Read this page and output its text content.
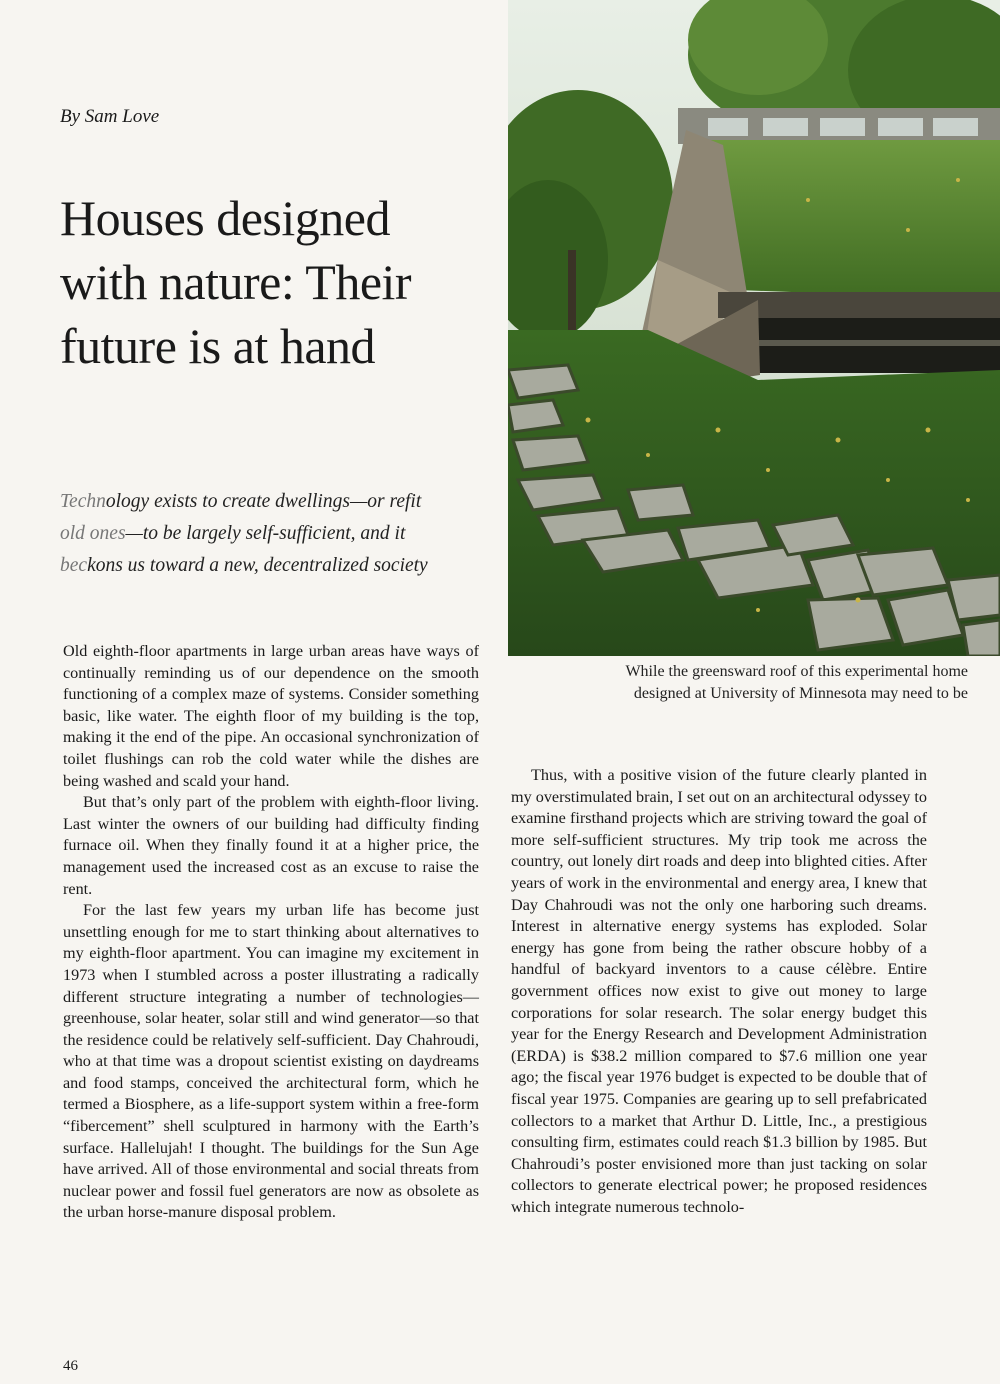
By Sam Love
Houses designed
with nature: Their
future is at hand

Technology exists to create dwellings—or refit
old ones—to be largely self-sufficient, and it
beckons us toward a new, decentralized society

Old eighth-floor apartments in large urban areas have ways of continually reminding us of our dependence on the smooth functioning of a complex maze of systems. Consider something basic, like water. The eighth floor of my building is the top, making it the end of the pipe. An occasional synchronization of toilet flushings can rob the cold water while the dishes are being washed and scald your hand.

But that’s only part of the problem with eighth-floor living. Last winter the owners of our building had difficulty finding furnace oil. When they finally found it at a higher price, the management used the increased cost as an excuse to raise the rent.

For the last few years my urban life has become just unsettling enough for me to start thinking about alternatives to my eighth-floor apartment. You can imagine my excitement in 1973 when I stumbled across a poster illustrating a radically different structure integrating a number of technologies—greenhouse, solar heater, solar still and wind generator—so that the residence could be relatively self-sufficient. Day Chahroudi, who at that time was a dropout scientist existing on daydreams and food stamps, conceived the architectural form, which he termed a Biosphere, as a life-support system within a free-form “fibercement” shell sculptured in harmony with the Earth’s surface. Hallelujah! I thought. The buildings for the Sun Age have arrived. All of those environmental and social threats from nuclear power and fossil fuel generators are now as obsolete as the urban horse-manure disposal problem.

While the greensward roof of this experimental home
designed at University of Minnesota may need to be

Thus, with a positive vision of the future clearly planted in my overstimulated brain, I set out on an architectural odyssey to examine firsthand projects which are striving toward the goal of more self-sufficient structures. My trip took me across the country, out lonely dirt roads and deep into blighted cities. After years of work in the environmental and energy area, I knew that Day Chahroudi was not the only one harboring such dreams. Interest in alternative energy systems has exploded. Solar energy has gone from being the rather obscure hobby of a handful of backyard inventors to a cause célèbre. Entire government offices now exist to give out money to large corporations for solar research. The solar energy budget this year for the Energy Research and Development Administration (ERDA) is $38.2 million compared to $7.6 million one year ago; the fiscal year 1976 budget is expected to be double that of fiscal year 1975. Companies are gearing up to sell prefabricated collectors to a market that Arthur D. Little, Inc., a prestigious consulting firm, estimates could reach $1.3 billion by 1985. But Chahroudi’s poster envisioned more than just tacking on solar collectors to generate electrical power; he proposed residences which integrate numerous technolo-

46
